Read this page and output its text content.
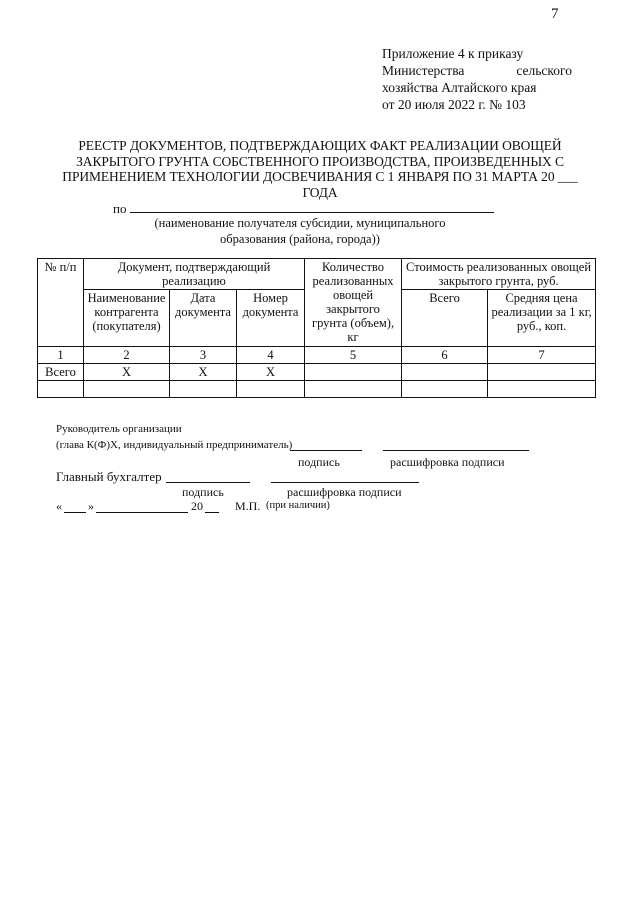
7
Приложение 4 к приказу
Министерства	сельского
хозяйства Алтайского края
от 20 июля 2022 г. № 103
РЕЕСТР ДОКУМЕНТОВ, ПОДТВЕРЖДАЮЩИХ ФАКТ РЕАЛИЗАЦИИ ОВОЩЕЙ
ЗАКРЫТОГО ГРУНТА СОБСТВЕННОГО ПРОИЗВОДСТВА, ПРОИЗВЕДЕННЫХ С
ПРИМЕНЕНИЕМ ТЕХНОЛОГИИ ДОСВЕЧИВАНИЯ С 1 ЯНВАРЯ ПО 31 МАРТА 20 ___
ГОДА
по
(наименование получателя субсидии, муниципального
образования (района, города))
№ п/п	Документ, подтверждающий реализацию			Количество реализованных овощей закрытого грунта (объем), кг	Стоимость реализованных овощей закрытого грунта, руб.	
	Наименование контрагента (покупателя)	Дата документа	Номер документа		Всего	Средняя цена реализации за 1 кг, руб., коп.
1	2	3	4	5	6	7
Всего	X	X	X			

Руководитель организации
(глава К(Ф)Х, индивидуальный предприниматель)
подпись	расшифровка подписи
Главный бухгалтер
подпись	расшифровка подписи
« »	20	М.П. (при наличии)
